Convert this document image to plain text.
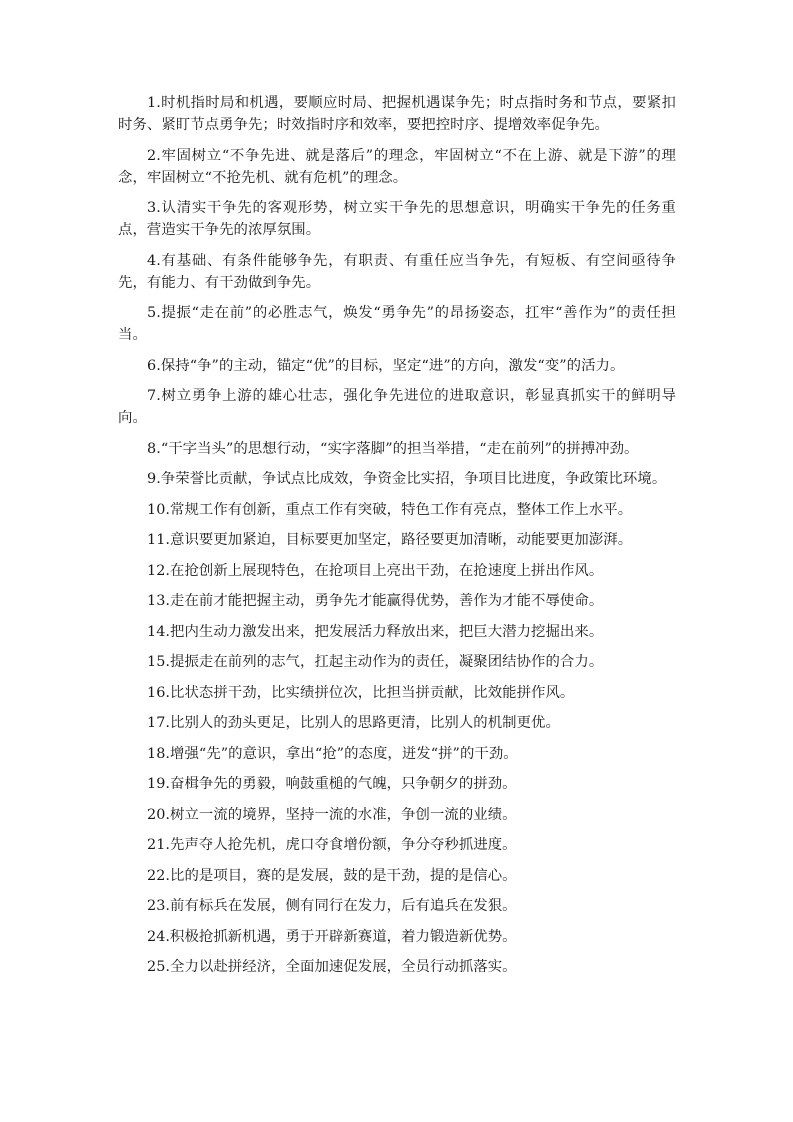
1.时机指时局和机遇，要顺应时局、把握机遇谋争先；时点指时务和节点，要紧扣时务、紧盯节点勇争先；时效指时序和效率，要把控时序、提增效率促争先。

2.牢固树立“不争先进、就是落后”的理念，牢固树立“不在上游、就是下游”的理念，牢固树立“不抢先机、就有危机”的理念。

3.认清实干争先的客观形势，树立实干争先的思想意识，明确实干争先的任务重点，营造实干争先的浓厚氛围。

4.有基础、有条件能够争先，有职责、有重任应当争先，有短板、有空间亟待争先，有能力、有干劲做到争先。

5.提振“走在前”的必胜志气，焕发“勇争先”的昂扬姿态，扛牢“善作为”的责任担当。

6.保持“争”的主动，锚定“优”的目标，坚定“进”的方向，激发“变”的活力。

7.树立勇争上游的雄心壮志，强化争先进位的进取意识，彰显真抓实干的鲜明导向。

8.“干字当头”的思想行动，“实字落脚”的担当举措，“走在前列”的拼搏冲劲。

9.争荣誉比贡献，争试点比成效，争资金比实招，争项目比进度，争政策比环境。

10.常规工作有创新，重点工作有突破，特色工作有亮点，整体工作上水平。

11.意识要更加紧迫，目标要更加坚定，路径要更加清晰，动能要更加澎湃。

12.在抢创新上展现特色，在抢项目上亮出干劲，在抢速度上拼出作风。

13.走在前才能把握主动，勇争先才能赢得优势，善作为才能不辱使命。

14.把内生动力激发出来，把发展活力释放出来，把巨大潜力挖掘出来。

15.提振走在前列的志气，扛起主动作为的责任，凝聚团结协作的合力。

16.比状态拼干劲，比实绩拼位次，比担当拼贡献，比效能拼作风。

17.比别人的劲头更足，比别人的思路更清，比别人的机制更优。

18.增强“先”的意识，拿出“抢”的态度，迸发“拼”的干劲。

19.奋楫争先的勇毅，响鼓重槌的气魄，只争朝夕的拼劲。

20.树立一流的境界，坚持一流的水准，争创一流的业绩。

21.先声夺人抢先机，虎口夺食增份额，争分夺秒抓进度。

22.比的是项目，赛的是发展，鼓的是干劲，提的是信心。

23.前有标兵在发展，侧有同行在发力，后有追兵在发狠。

24.积极抢抓新机遇，勇于开辟新赛道，着力锻造新优势。

25.全力以赴拼经济，全面加速促发展，全员行动抓落实。
